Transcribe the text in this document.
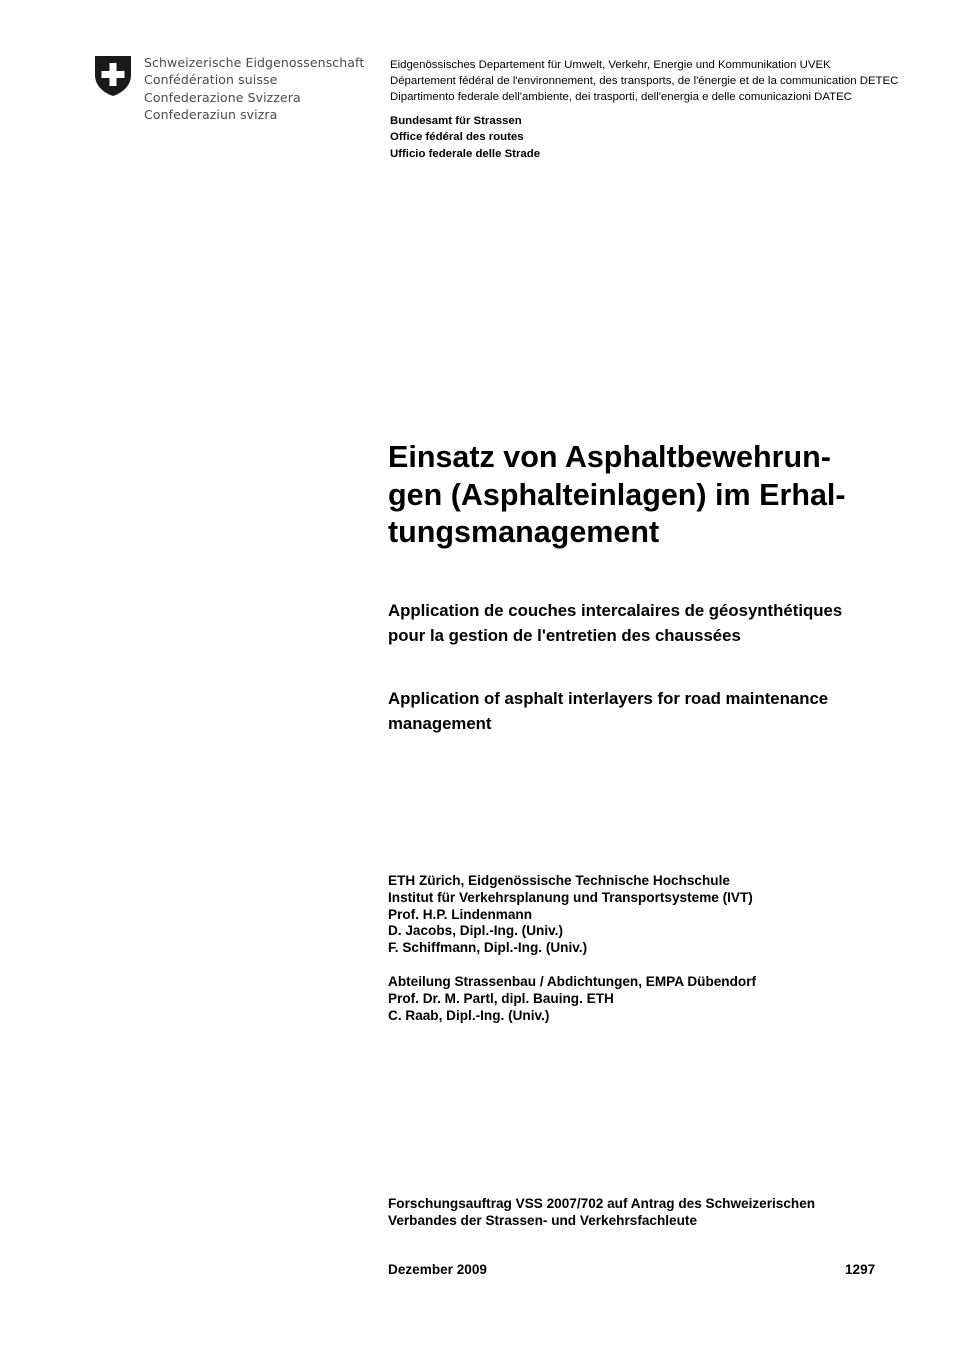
Schweizerische Eidgenossenschaft
Confédération suisse
Confederazione Svizzera
Confederaziun svizra
Eidgenössisches Departement für Umwelt, Verkehr, Energie und Kommunikation UVEK
Département fédéral de l'environnement, des transports, de l'énergie et de la communication DETEC
Dipartimento federale dell'ambiente, dei trasporti, dell'energia e delle comunicazioni DATEC
Bundesamt für Strassen
Office fédéral des routes
Ufficio federale delle Strade
Einsatz von Asphaltbewehrun-
gen (Asphalteinlagen) im Erhal-
tungsmanagement
Application de couches intercalaires de géosynthétiques
pour la gestion de l'entretien des chaussées
Application of asphalt interlayers for road maintenance
management
ETH Zürich, Eidgenössische Technische Hochschule
Institut für Verkehrsplanung und Transportsysteme (IVT)
Prof. H.P. Lindenmann
D. Jacobs, Dipl.-Ing. (Univ.)
F. Schiffmann, Dipl.-Ing. (Univ.)
Abteilung Strassenbau / Abdichtungen, EMPA Dübendorf
Prof. Dr. M. Partl, dipl. Bauing. ETH
C. Raab, Dipl.-Ing. (Univ.)
Forschungsauftrag VSS 2007/702 auf Antrag des Schweizerischen
Verbandes der Strassen- und Verkehrsfachleute
Dezember 2009	1297
